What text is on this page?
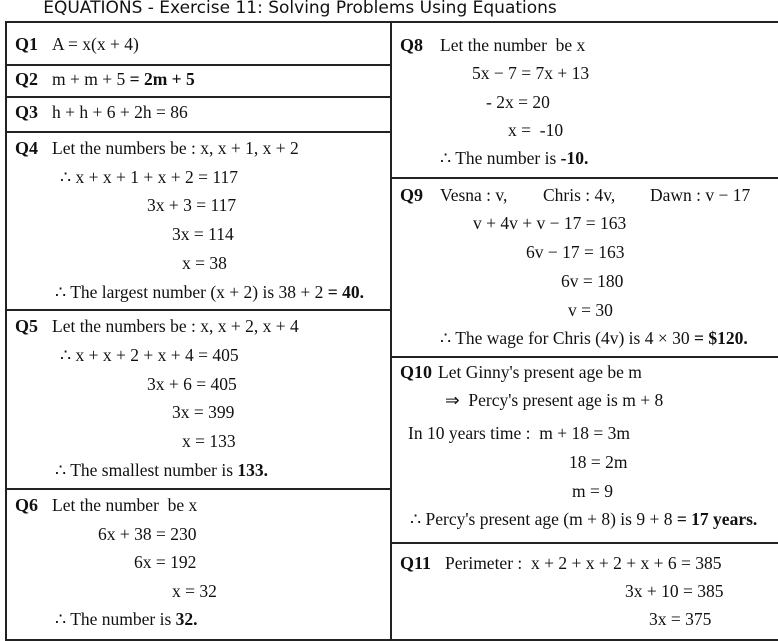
EQUATIONS - Exercise 11: Solving Problems Using Equations
Q1 A = x(x + 4)
Q2 m + m + 5 = 2m + 5
Q3 h + h + 6 + 2h = 86
Q4 Let the numbers be : x, x + 1, x + 2
∴ x + x + 1 + x + 2 = 117
3x + 3 = 117
3x = 114
x = 38
∴ The largest number (x + 2) is 38 + 2 = 40.
Q5 Let the numbers be : x, x + 2, x + 4
∴ x + x + 2 + x + 4 = 405
3x + 6 = 405
3x = 399
x = 133
∴ The smallest number is 133.
Q6 Let the number  be x
6x + 38 = 230
6x = 192
x = 32
∴ The number is 32.
Q8 Let the number  be x
5x − 7 = 7x + 13
- 2x = 20
x =  -10
∴ The number is -10.
Q9 Vesna : v, Chris : 4v, Dawn : v − 17
v + 4v + v − 17 = 163
6v − 17 = 163
6v = 180
v = 30
∴ The wage for Chris (4v) is 4 × 30 = $120.
Q10 Let Ginny's present age be m
⇒  Percy's present age is m + 8
In 10 years time :  m + 18 = 3m
18 = 2m
m = 9
∴ Percy's present age (m + 8) is 9 + 8 = 17 years.
Q11 Perimeter :  x + 2 + x + 2 + x + 6 = 385
3x + 10 = 385
3x = 375
